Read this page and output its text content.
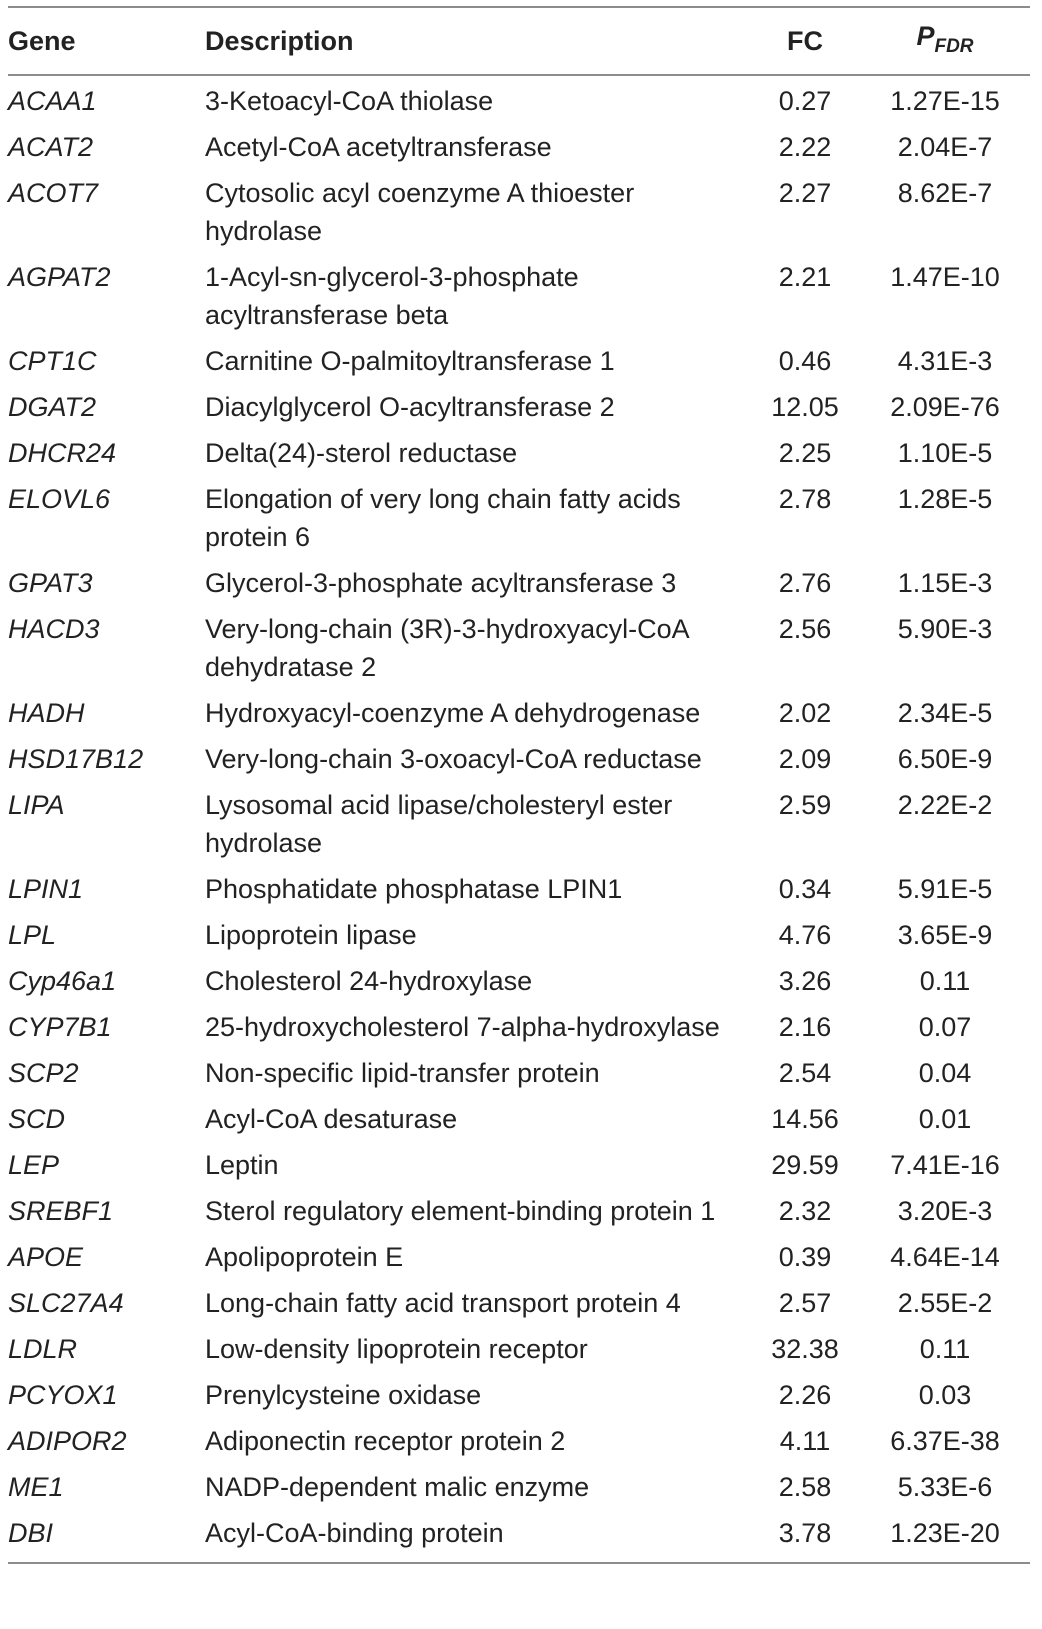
Gene	Description	FC	$P_{FDR}$
ACAA1	3-Ketoacyl-CoA thiolase	0.27	1.27E-15
ACAT2	Acetyl-CoA acetyltransferase	2.22	2.04E-7
ACOT7	Cytosolic acyl coenzyme A thioester hydrolase	2.27	8.62E-7
AGPAT2	1-Acyl-sn-glycerol-3-phosphate acyltransferase beta	2.21	1.47E-10
CPT1C	Carnitine O-palmitoyltransferase 1	0.46	4.31E-3
DGAT2	Diacylglycerol O-acyltransferase 2	12.05	2.09E-76
DHCR24	Delta(24)-sterol reductase	2.25	1.10E-5
ELOVL6	Elongation of very long chain fatty acids protein 6	2.78	1.28E-5
GPAT3	Glycerol-3-phosphate acyltransferase 3	2.76	1.15E-3
HACD3	Very-long-chain (3R)-3-hydroxyacyl-CoA dehydratase 2	2.56	5.90E-3
HADH	Hydroxyacyl-coenzyme A dehydrogenase	2.02	2.34E-5
HSD17B12	Very-long-chain 3-oxoacyl-CoA reductase	2.09	6.50E-9
LIPA	Lysosomal acid lipase/cholesteryl ester hydrolase	2.59	2.22E-2
LPIN1	Phosphatidate phosphatase LPIN1	0.34	5.91E-5
LPL	Lipoprotein lipase	4.76	3.65E-9
Cyp46a1	Cholesterol 24-hydroxylase	3.26	0.11
CYP7B1	25-hydroxycholesterol 7-alpha-hydroxylase	2.16	0.07
SCP2	Non-specific lipid-transfer protein	2.54	0.04
SCD	Acyl-CoA desaturase	14.56	0.01
LEP	Leptin	29.59	7.41E-16
SREBF1	Sterol regulatory element-binding protein 1	2.32	3.20E-3
APOE	Apolipoprotein E	0.39	4.64E-14
SLC27A4	Long-chain fatty acid transport protein 4	2.57	2.55E-2
LDLR	Low-density lipoprotein receptor	32.38	0.11
PCYOX1	Prenylcysteine oxidase	2.26	0.03
ADIPOR2	Adiponectin receptor protein 2	4.11	6.37E-38
ME1	NADP-dependent malic enzyme	2.58	5.33E-6
DBI	Acyl-CoA-binding protein	3.78	1.23E-20
